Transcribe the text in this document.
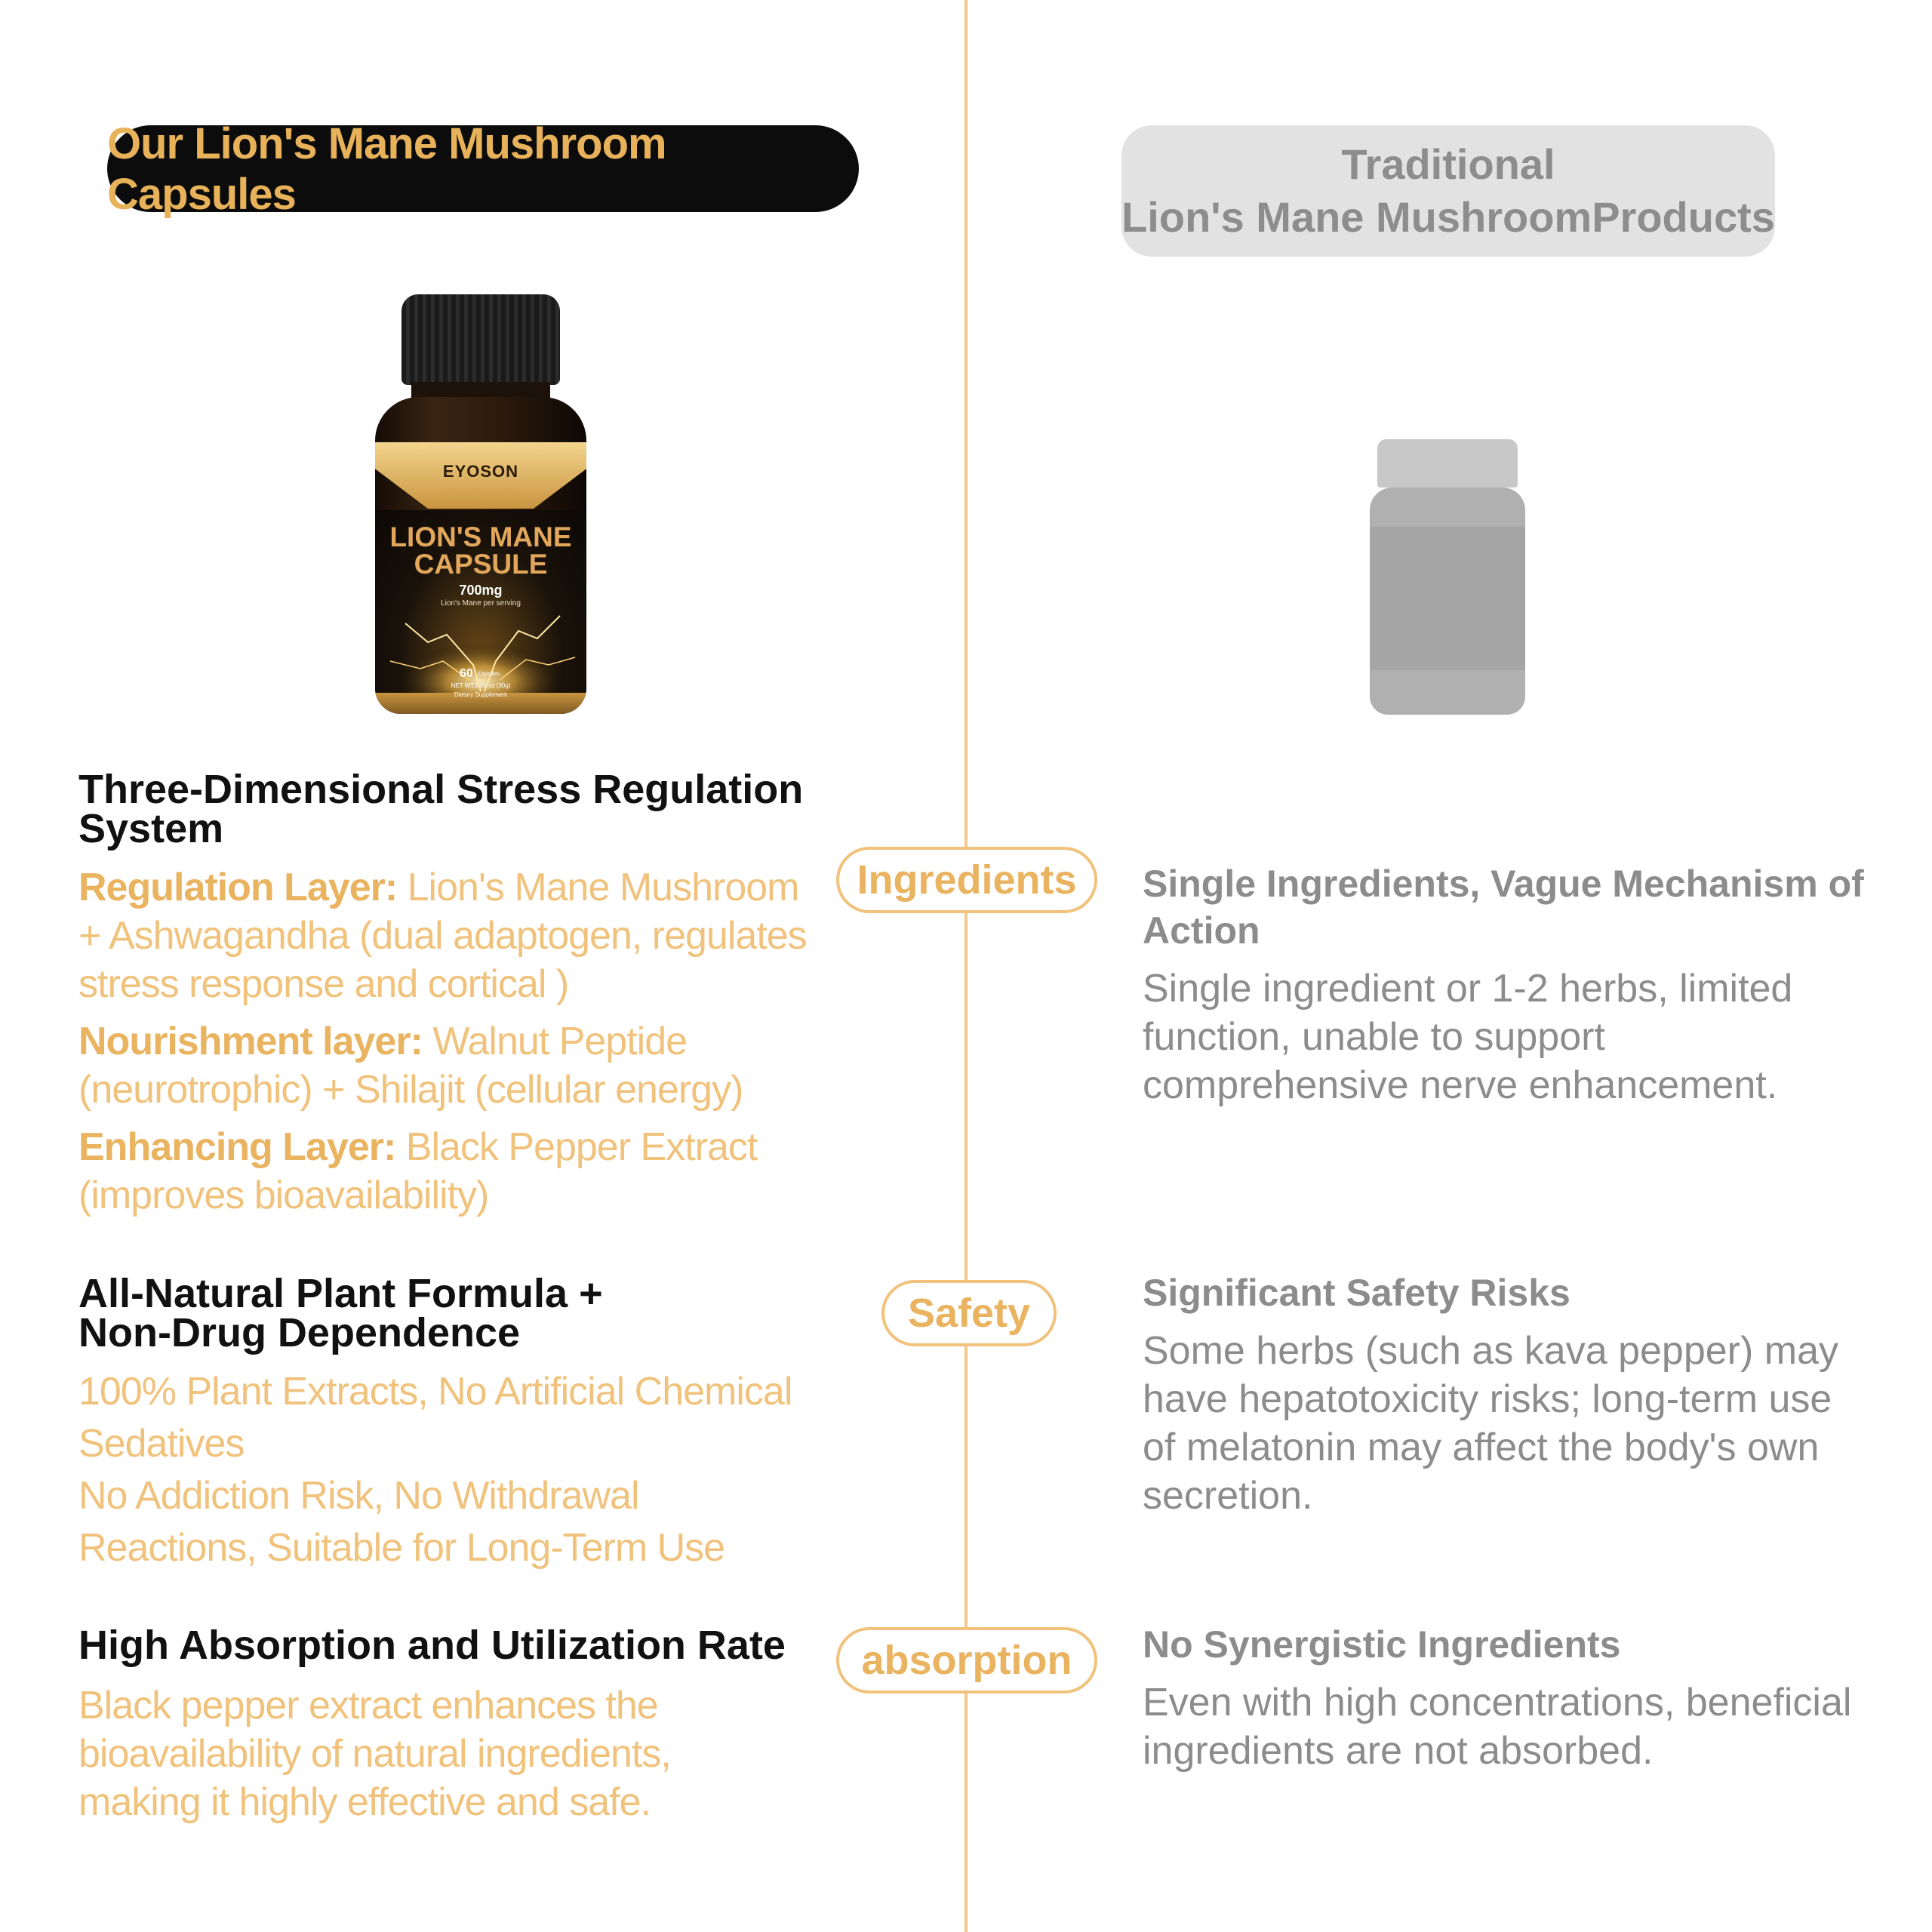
Our Lion's Mane Mushroom Capsules
Traditional
Lion's Mane MushroomProducts
EYOSON
LION'S MANE
CAPSULE
700mg
Lion's Mane per serving
60 Capsules
NET WT.1.05 oz (30g)
Dietary Supplement
Three-Dimensional Stress Regulation
System
Regulation Layer: Lion's Mane Mushroom
+ Ashwagandha (dual adaptogen, regulates
stress response and cortical )
Nourishment layer: Walnut Peptide
(neurotrophic) + Shilajit (cellular energy)
Enhancing Layer: Black Pepper Extract
(improves bioavailability)
Ingredients Single Ingredients, Vague Mechanism of
Action
Single ingredient or 1-2 herbs, limited
function, unable to support
comprehensive nerve enhancement.
All-Natural Plant Formula +
Non-Drug Dependence
100% Plant Extracts, No Artificial Chemical
Sedatives
No Addiction Risk, No Withdrawal
Reactions, Suitable for Long-Term Use
Safety	Significant Safety Risks
Some herbs (such as kava pepper) may
have hepatotoxicity risks; long-term use
of melatonin may affect the body's own
secretion.
High Absorption and Utilization Rate
Black pepper extract enhances the
bioavailability of natural ingredients,
making it highly effective and safe.
absorption No Synergistic Ingredients
Even with high concentrations, beneficial
ingredients are not absorbed.
